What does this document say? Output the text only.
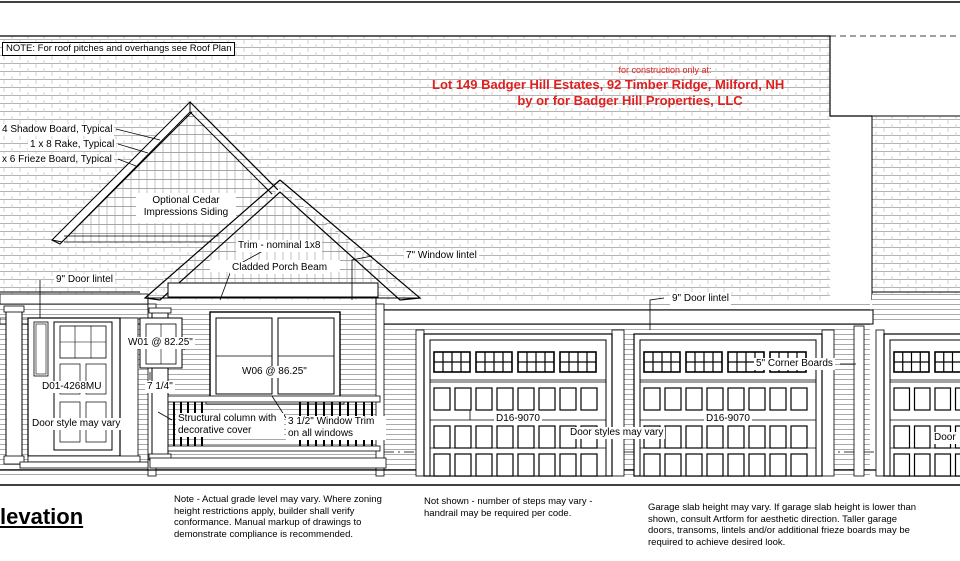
NOTE: For roof pitches and overhangs see Roof Plan
for construction only at:
Lot 149 Badger Hill Estates, 92 Timber Ridge, Milford, NH
by or for Badger Hill Properties, LLC
4 Shadow Board, Typical
1 x 8 Rake, Typical
x 6 Frieze Board, Typical
Optional Cedar Impressions Siding
Trim - nominal 1x8
Cladded Porch Beam
9" Door lintel
7" Window lintel
9" Door lintel
W01 @ 82.25"
W06 @ 86.25"
7 1/4"
D01-4268MU
Door style may vary	Structural column with decorative cover
3 1/2" Window Trim on all windows
5" Corner Boards
D16-9070	D16-9070
Door styles may vary	Door
levation
Note - Actual grade level may vary. Where zoning height restrictions apply, builder shall verify conformance. Manual markup of drawings to demonstrate compliance is recommended.
Not shown - number of steps may vary - handrail may be required per code.	Garage slab height may vary. If garage slab height is lower than shown, consult Artform for aesthetic direction. Taller garage doors, transoms, lintels and/or additional frieze boards may be required to achieve desired look.
